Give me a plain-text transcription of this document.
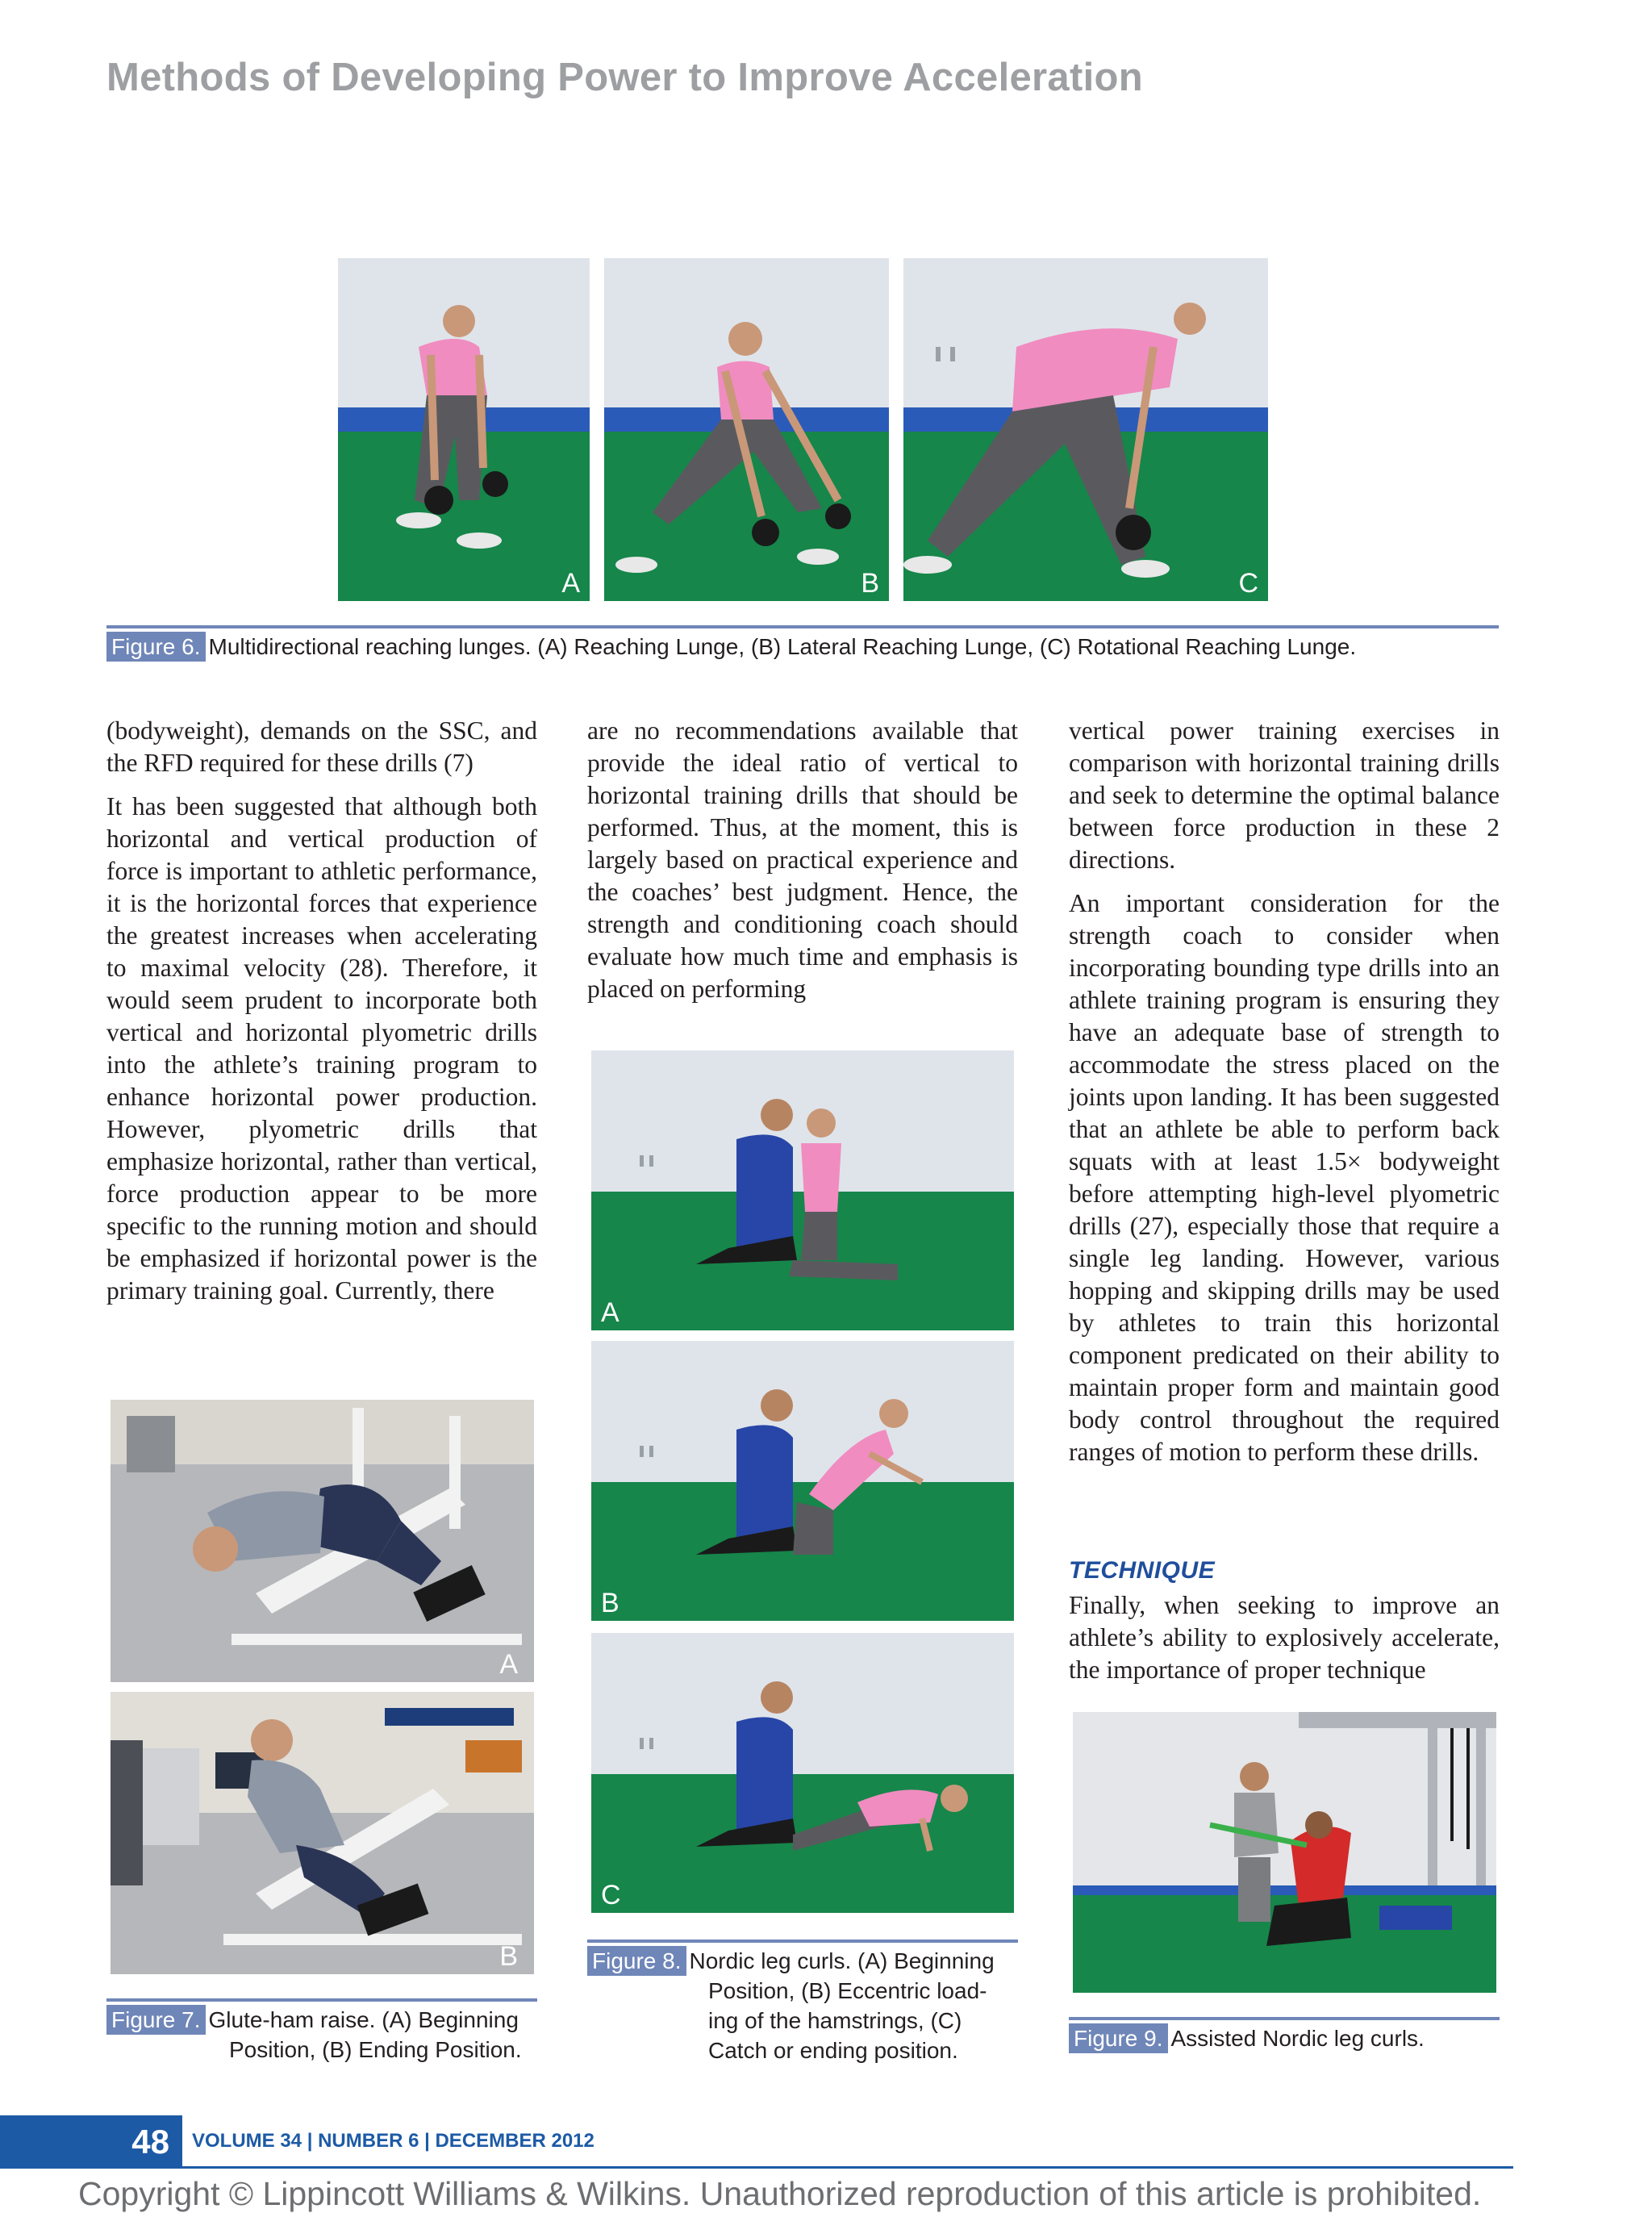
Methods of Developing Power to Improve Acceleration
A	B	C
Figure 6. Multidirectional reaching lunges. (A) Reaching Lunge, (B) Lateral Reaching Lunge, (C) Rotational Reaching Lunge.

(bodyweight), demands on the SSC, and the RFD required for these drills (7)

It has been suggested that although both horizontal and vertical production of force is important to athletic performance, it is the horizontal forces that experience the greatest increases when accelerating to maximal velocity (28). Therefore, it would seem prudent to incorporate both vertical and horizontal plyometric drills into the athlete’s training program to enhance horizontal power production. However, plyometric drills that emphasize horizontal, rather than vertical, force production appear to be more specific to the running motion and should be emphasized if horizontal power is the primary training goal. Currently, there

are no recommendations available that provide the ideal ratio of vertical to horizontal training drills that should be performed. Thus, at the moment, this is largely based on practical experience and the coaches’ best judgment. Hence, the strength and conditioning coach should evaluate how much time and emphasis is placed on performing

vertical power training exercises in comparison with horizontal training drills and seek to determine the optimal balance between force production in these 2 directions.

An important consideration for the strength coach to consider when incorporating bounding type drills into an athlete training program is ensuring they have an adequate base of strength to accommodate the stress placed on the joints upon landing. It has been suggested that an athlete be able to perform back squats with at least 1.5× bodyweight before attempting high-level plyometric drills (27), especially those that require a single leg landing. However, various hopping and skipping drills may be used by athletes to train this horizontal component predicated on their ability to maintain proper form and maintain good body control throughout the required ranges of motion to perform these drills.

TECHNIQUE

Finally, when seeking to improve an athlete’s ability to explosively accelerate, the importance of proper technique

A
B
Figure 7. Glute-ham raise. (A) Beginning
Position, (B) Ending Position.
A
B
C
Figure 8. Nordic leg curls. (A) Beginning
Position, (B) Eccentric load-
ing of the hamstrings, (C)
Catch or ending position.	Figure 9. Assisted Nordic leg curls.
48	VOLUME 34 | NUMBER 6 | DECEMBER 2012
Copyright © Lippincott Williams & Wilkins. Unauthorized reproduction of this article is prohibited.
